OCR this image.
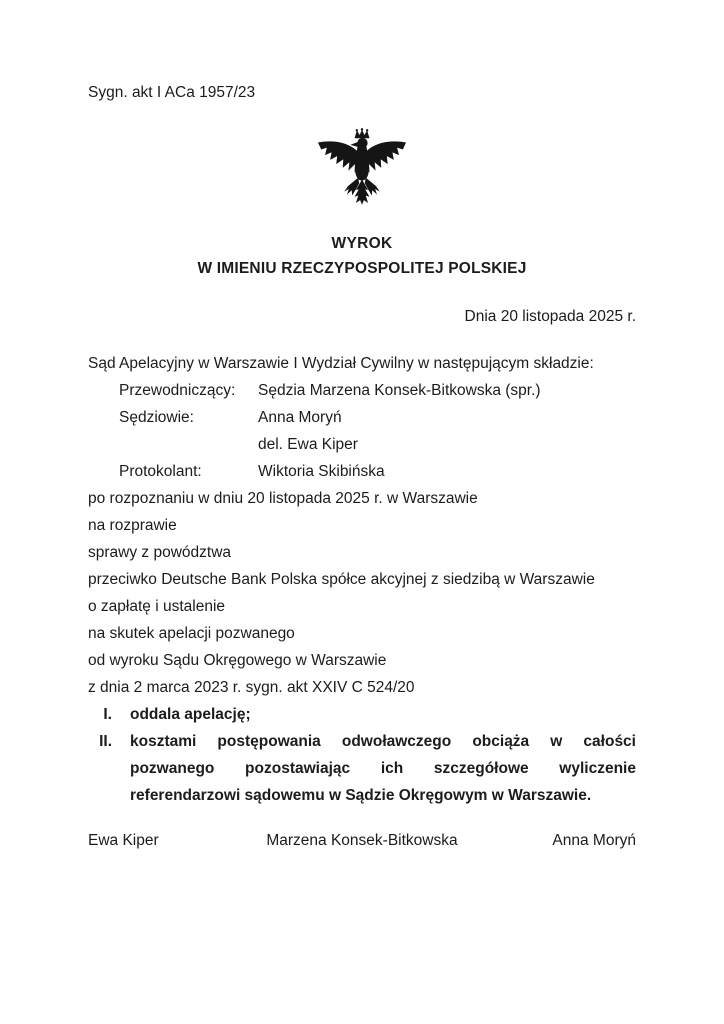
Sygn. akt I ACa 1957/23
WYROK
W IMIENIU RZECZYPOSPOLITEJ POLSKIEJ
Dnia 20 listopada 2025 r.
Sąd Apelacyjny w Warszawie I Wydział Cywilny w następującym składzie:
Przewodniczący:	Sędzia Marzena Konsek-Bitkowska (spr.)
Sędziowie:	Anna Moryń
del. Ewa Kiper
Protokolant:	Wiktoria Skibińska
po rozpoznaniu w dniu 20 listopada 2025 r. w Warszawie
na rozprawie
sprawy z powództwa
przeciwko Deutsche Bank Polska spółce akcyjnej z siedzibą w Warszawie
o zapłatę i ustalenie
na skutek apelacji pozwanego
od wyroku Sądu Okręgowego w Warszawie
z dnia 2 marca 2023 r. sygn. akt XXIV C 524/20
I. oddala apelację;
II. kosztami postępowania odwoławczego obciąża w całości pozwanego pozostawiając ich szczegółowe wyliczenie referendarzowi sądowemu w Sądzie Okręgowym w Warszawie.
Ewa Kiper	Marzena Konsek-Bitkowska	Anna Moryń
